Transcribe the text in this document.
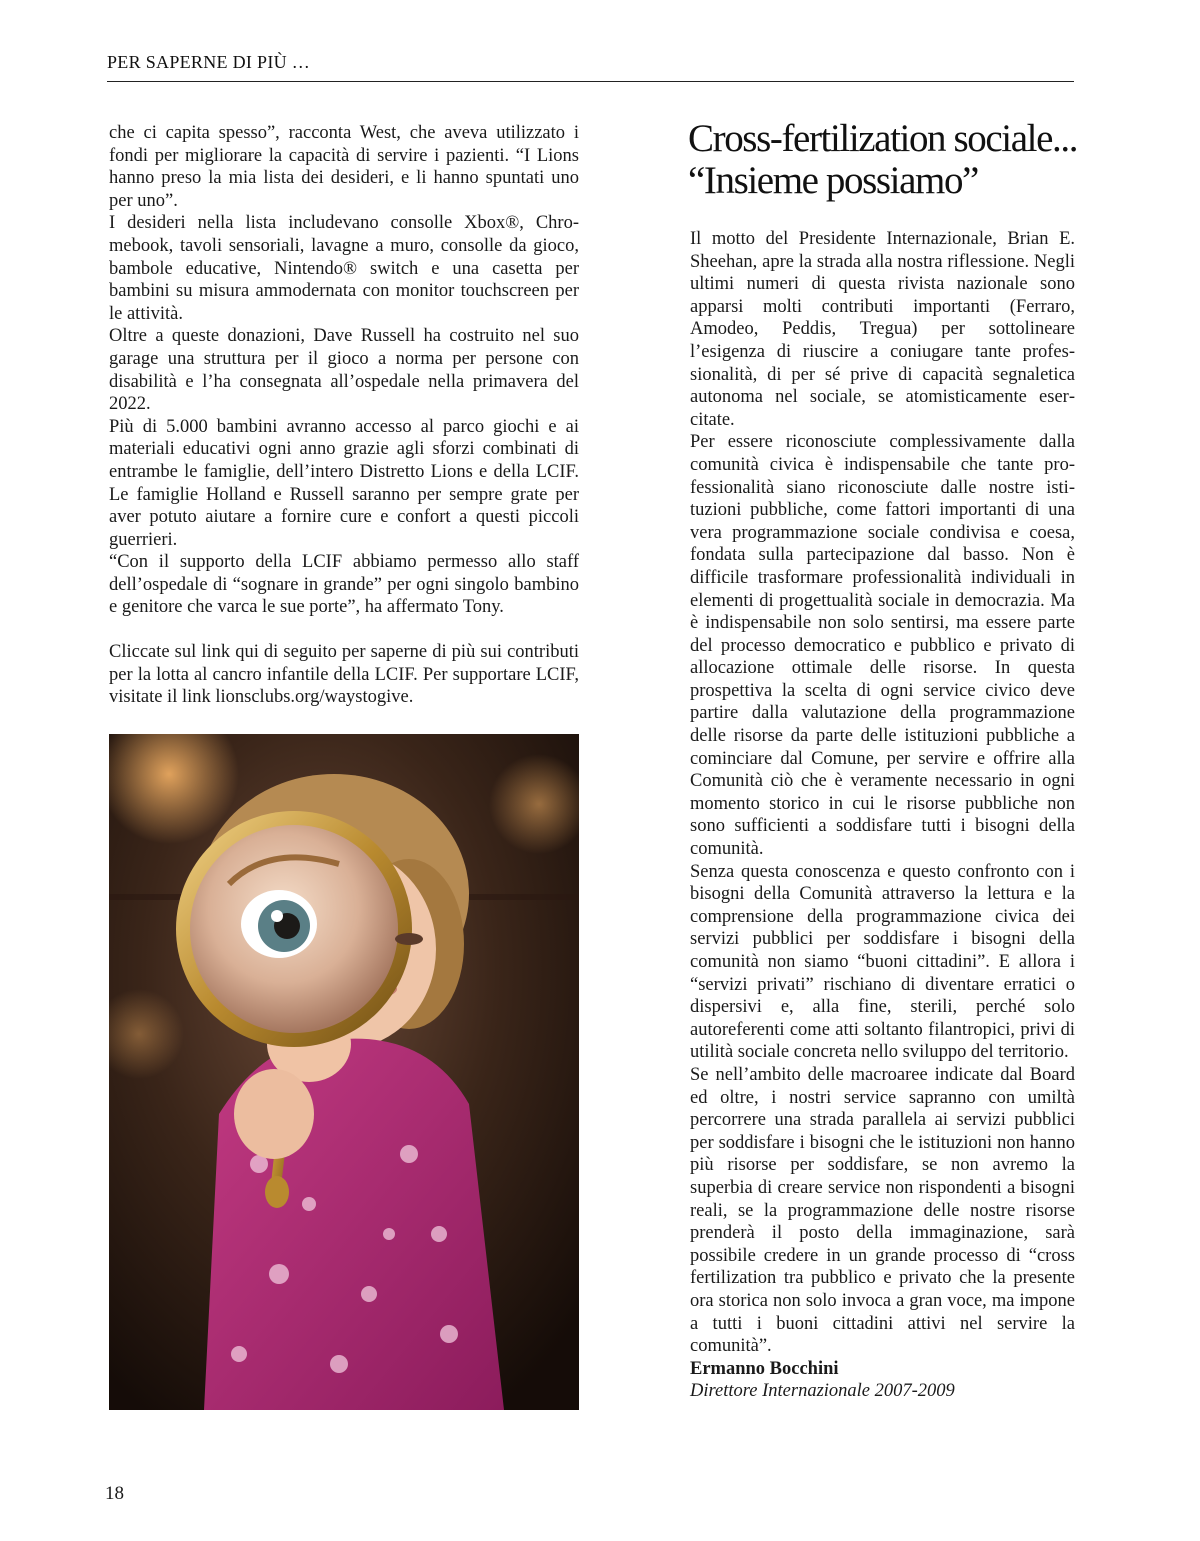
PER SAPERNE DI PIÙ …

che ci capita spesso”, racconta West, che aveva utilizzato i fondi per migliorare la capacità di servire i pazienti. “I Lions hanno preso la mia lista dei desideri, e li hanno spuntati uno per uno”.

I desideri nella lista includevano consolle Xbox®, Chromebook, tavoli sensoriali, lavagne a muro, consolle da gioco, bambole educative, Nintendo® switch e una casetta per bambini su misura ammodernata con monitor touchscreen per le attività.

Oltre a queste donazioni, Dave Russell ha costruito nel suo garage una struttura per il gioco a norma per persone con disabilità e l’ha consegnata all’ospedale nella primavera del 2022.

Più di 5.000 bambini avranno accesso al parco giochi e ai materiali educativi ogni anno grazie agli sforzi combinati di entrambe le famiglie, dell’intero Distretto Lions e della LCIF. Le famiglie Holland e Russell saranno per sempre grate per aver potuto aiutare a fornire cure e confort a questi piccoli guerrieri.

“Con il supporto della LCIF abbiamo permesso allo staff dell’ospedale di “sognare in grande” per ogni singolo bambino e genitore che varca le sue porte”, ha affermato Tony.

Cliccate sul link qui di seguito per saperne di più sui contributi per la lotta al cancro infantile della LCIF. Per supportare LCIF, visitate il link lionsclubs.org/waystogive.

Cross-fertilization sociale...
“Insieme possiamo”

Il motto del Presidente Internazionale, Brian E. Sheehan, apre la strada alla nostra riflessione. Negli ultimi numeri di questa rivista nazionale sono apparsi molti contributi importanti (Ferraro, Amodeo, Peddis, Tregua) per sottolineare l’esigenza di riuscire a coniugare tante professionalità, di per sé prive di capacità segnaletica autonoma nel sociale, se atomisticamente esercitate.

Per essere riconosciute complessivamente dalla comunità civica è indispensabile che tante professionalità siano riconosciute dalle nostre istituzioni pubbliche, come fattori importanti di una vera programmazione sociale condivisa e coesa, fondata sulla partecipazione dal basso. Non è difficile trasformare professionalità individuali in elementi di progettualità sociale in democrazia. Ma è indispensabile non solo sentirsi, ma essere parte del processo democratico e pubblico e privato di allocazione ottimale delle risorse. In questa prospettiva la scelta di ogni service civico deve partire dalla valutazione della programmazione delle risorse da parte delle istituzioni pubbliche a cominciare dal Comune, per servire e offrire alla Comunità ciò che è veramente necessario in ogni momento storico in cui le risorse pubbliche non sono sufficienti a soddisfare tutti i bisogni della comunità.

Senza questa conoscenza e questo confronto con i bisogni della Comunità attraverso la lettura e la comprensione della programmazione civica dei servizi pubblici per soddisfare i bisogni della comunità non siamo “buoni cittadini”. E allora i “servizi privati” rischiano di diventare erratici o dispersivi e, alla fine, sterili, perché solo autoreferenti come atti soltanto filantropici, privi di utilità sociale concreta nello sviluppo del territorio.

Se nell’ambito delle macroaree indicate dal Board ed oltre, i nostri service sapranno con umiltà percorrere una strada parallela ai servizi pubblici per soddisfare i bisogni che le istituzioni non hanno più risorse per soddisfare, se non avremo la superbia di creare service non rispondenti a bisogni reali, se la programmazione delle nostre risorse prenderà il posto della immaginazione, sarà possibile credere in un grande processo di “cross fertilization tra pubblico e privato che la presente ora storica non solo invoca a gran voce, ma impone a tutti i buoni cittadini attivi nel servire la comunità”.

Ermanno Bocchini

Direttore Internazionale 2007-2009

18
